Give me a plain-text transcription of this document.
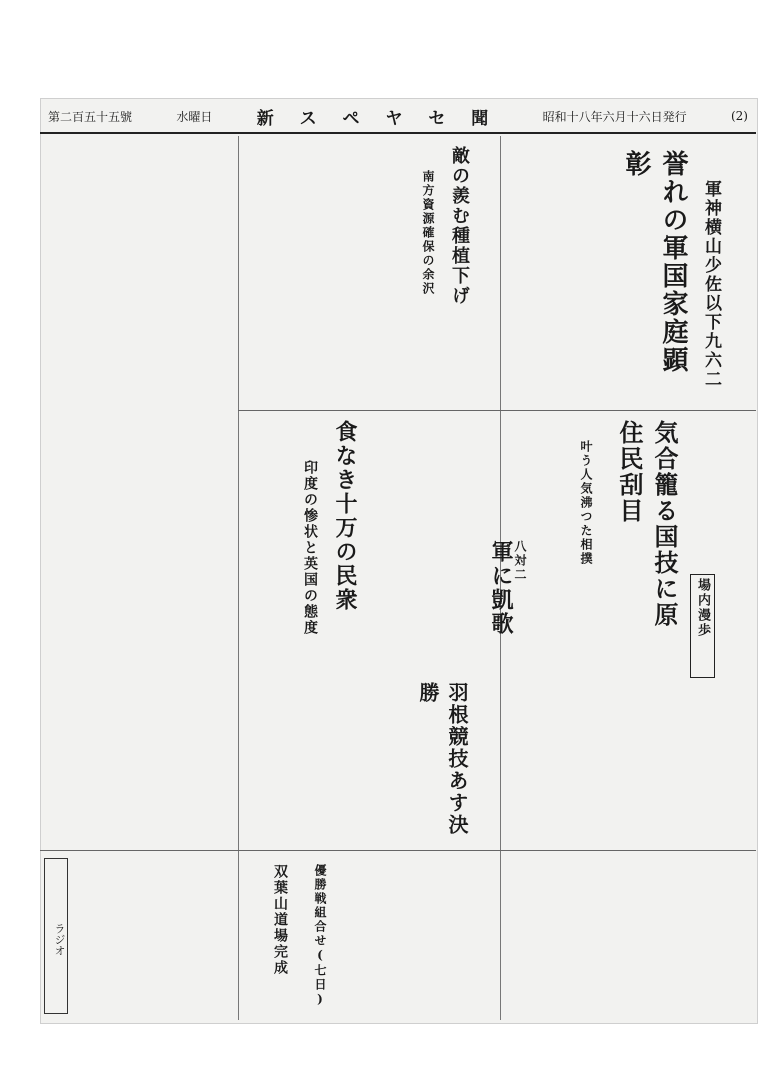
第二百五十五號	水曜日	新 ス ペ ヤ セ 聞	昭和十八年六月十六日発行	(2)
誉れの軍国家庭顕彰
軍神横山少佐以下九六二

敵の羨む種植下げ
南方資源確保の余沢
食なき十万の民衆
印度の惨状と英国の態度	気合籠る国技に原住民刮目
叶う人気沸つた相撲
軍に凱歌 八対二
場内漫歩
羽根競技あす決勝
双葉山道場完成 優勝戦組合せ(七日)
ラジオ
